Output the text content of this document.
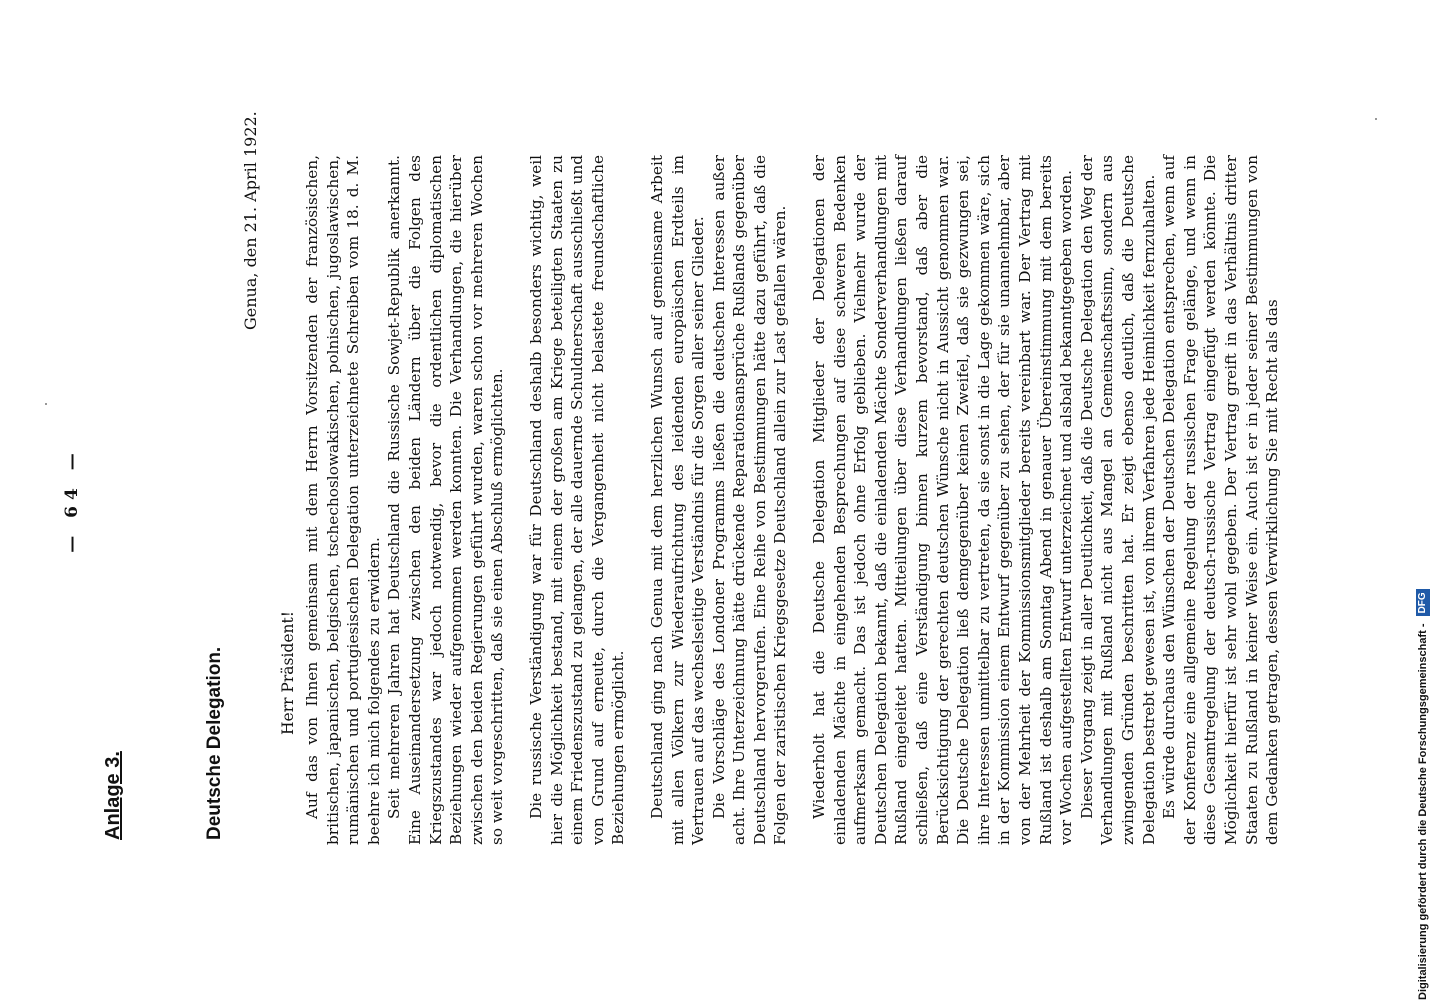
— 64 —
Anlage 3.	Deutsche Delegation.
Genua, den 21. April 1922.
Herr Präsident! Auf das von Ihnen gemeinsam mit dem Herrn Vorsitzenden der französischen, britischen, japanischen, belgischen, tschechoslowakischen, polnischen, jugoslawischen, rumänischen und portugiesischen Delegation unterzeichnete Schreiben vom 18. d. M. beehre ich mich folgendes zu erwidern. Seit mehreren Jahren hat Deutschland die Russische Sowjet-Republik anerkannt. Eine Auseinandersetzung zwischen den beiden Ländern über die Folgen des Kriegszustandes war jedoch notwendig, bevor die ordentlichen diplomatischen Beziehungen wieder aufgenommen werden konnten. Die Verhandlungen, die hierüber zwischen den beiden Regierungen geführt wurden, waren schon vor mehreren Wochen so weit vorgeschritten, daß sie einen Abschluß ermöglichten. Die russische Verständigung war für Deutschland deshalb besonders wichtig, weil hier die Möglichkeit bestand, mit einem der großen am Kriege beteiligten Staaten zu einem Friedenszustand zu gelangen, der alle dauernde Schuldnerschaft ausschließt und von Grund auf erneute, durch die Vergangenheit nicht belastete freundschaftliche Beziehungen ermöglicht. Deutschland ging nach Genua mit dem herzlichen Wunsch auf gemeinsame Arbeit mit allen Völkern zur Wiederaufrichtung des leidenden europäischen Erdteils im Vertrauen auf das wechselseitige Verständnis für die Sorgen aller seiner Glieder. Die Vorschläge des Londoner Programms ließen die deutschen Interessen außer acht. Ihre Unterzeichnung hätte drückende Reparationsansprüche Rußlands gegenüber Deutschland hervorgerufen. Eine Reihe von Bestimmungen hätte dazu geführt, daß die Folgen der zaristischen Kriegsgesetze Deutschland allein zur Last gefallen wären. Wiederholt hat die Deutsche Delegation Mitglieder der Delegationen der einladenden Mächte in eingehenden Besprechungen auf diese schweren Bedenken aufmerksam gemacht. Das ist jedoch ohne Erfolg geblieben. Vielmehr wurde der Deutschen Delegation bekannt, daß die einladenden Mächte Sonderverhandlungen mit Rußland eingeleitet hatten. Mitteilungen über diese Verhandlungen ließen darauf schließen, daß eine Verständigung binnen kurzem bevorstand, daß aber die Berücksichtigung der gerechten deutschen Wünsche nicht in Aussicht genommen war. Die Deutsche Delegation ließ demgegenüber keinen Zweifel, daß sie gezwungen sei, ihre Interessen unmittelbar zu vertreten, da sie sonst in die Lage gekommen wäre, sich in der Kommission einem Entwurf gegenüber zu sehen, der für sie unannehmbar, aber von der Mehrheit der Kommissionsmitglieder bereits vereinbart war. Der Vertrag mit Rußland ist deshalb am Sonntag Abend in genauer Übereinstimmung mit dem bereits vor Wochen aufgestellten Entwurf unterzeichnet und alsbald bekanntgegeben worden. Dieser Vorgang zeigt in aller Deutlichkeit, daß die Deutsche Delegation den Weg der Verhandlungen mit Rußland nicht aus Mangel an Gemeinschaftssinn, sondern aus zwingenden Gründen beschritten hat. Er zeigt ebenso deutlich, daß die Deutsche Delegation bestrebt gewesen ist, von ihrem Verfahren jede Heimlichkeit fernzuhalten. Es würde durchaus den Wünschen der Deutschen Delegation entsprechen, wenn auf der Konferenz eine allgemeine Regelung der russischen Frage gelänge, und wenn in diese Gesamtregelung der deutsch-russische Vertrag eingefügt werden könnte. Die Möglichkeit hierfür ist sehr wohl gegeben. Der Vertrag greift in das Verhältnis dritter Staaten zu Rußland in keiner Weise ein. Auch ist er in jeder seiner Bestimmungen von dem Gedanken getragen, dessen Verwirklichung Sie mit Recht als das	Digitalisierung gefördert durch die Deutsche Forschungsgemeinschaft - DFG
